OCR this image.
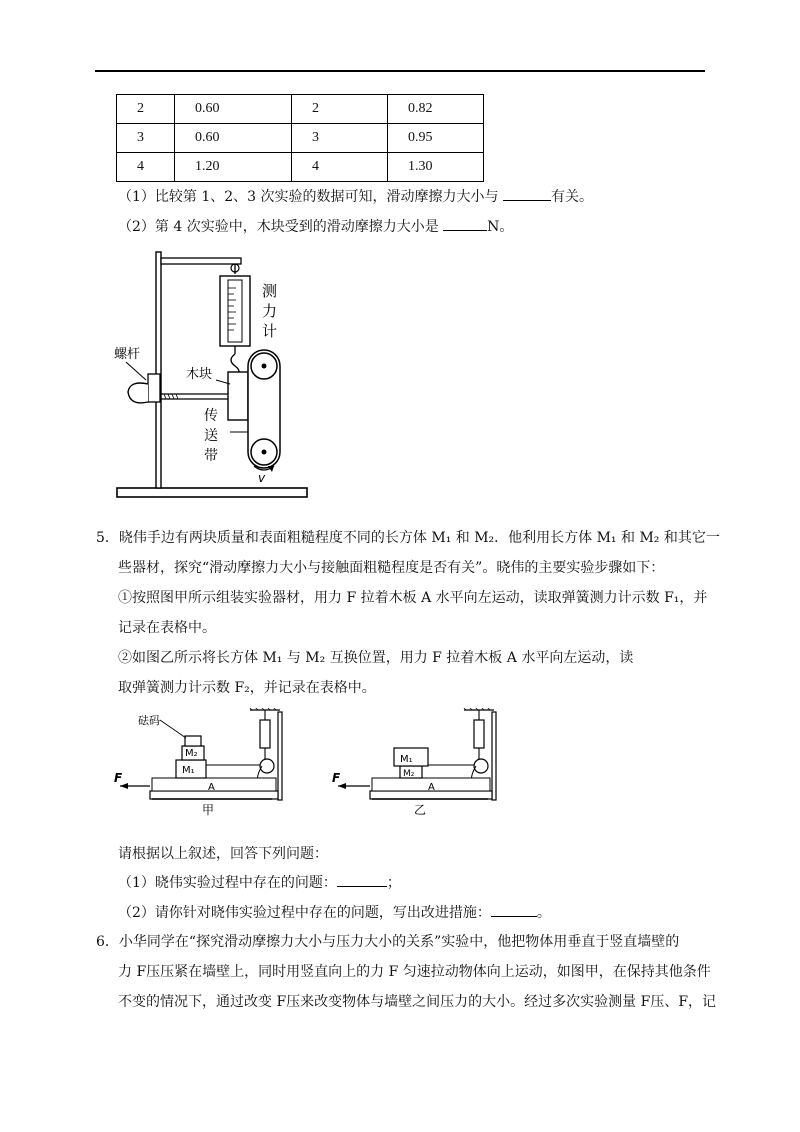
2	0.60	2	0.82
3	0.60	3	0.95
4	1.20	4	1.30
（1）比较第 1、2、3 次实验的数据可知，滑动摩擦力大小与	有关。
（2）第 4 次实验中，木块受到的滑动摩擦力大小是	N。
测
力
计
螺杆
木块
传
送
带
v
5．晓伟手边有两块质量和表面粗糙程度不同的长方体 M₁ 和 M₂．他利用长方体 M₁ 和 M₂ 和其它一
些器材，探究“滑动摩擦力大小与接触面粗糙程度是否有关”。晓伟的主要实验步骤如下：
①按照图甲所示组装实验器材，用力 F 拉着木板 A 水平向左运动，读取弹簧测力计示数 F₁，并
记录在表格中。
②如图乙所示将长方体 M₁ 与 M₂ 互换位置，用力 F 拉着木板 A 水平向左运动，读
取弹簧测力计示数 F₂，并记录在表格中。
砝码
M₂
M₁
A
F
甲
M₁
M₂
A
F
乙
请根据以上叙述，回答下列问题：
（1）晓伟实验过程中存在的问题：	；
（2）请你针对晓伟实验过程中存在的问题，写出改进措施：	。
6．小华同学在“探究滑动摩擦力大小与压力大小的关系”实验中，他把物体用垂直于竖直墙壁的
力 F压压紧在墙壁上，同时用竖直向上的力 F 匀速拉动物体向上运动，如图甲，在保持其他条件
不变的情况下，通过改变 F压来改变物体与墙壁之间压力的大小。经过多次实验测量 F压、F，记
